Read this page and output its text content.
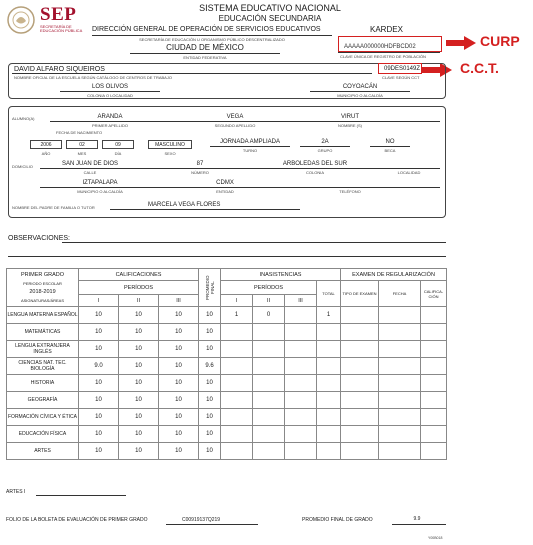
SEP
SECRETARÍA DE EDUCACIÓN PÚBLICA
SISTEMA EDUCATIVO NACIONAL
EDUCACIÓN SECUNDARIA
DIRECCIÓN GENERAL DE OPERACIÓN DE SERVICIOS EDUCATIVOS	KARDEX
SECRETARÍA DE EDUCACIÓN U ORGANISMO PÚBLICO DESCENTRALIZADO
CIUDAD DE MÉXICO
ENTIDAD FEDERATIVA
AAAAA000000HDFBCD02
CLAVE ÚNICA DE REGISTRO DE POBLACIÓN
CURP
C.C.T.
DAVID ALFARO SIQUEIROS
NOMBRE OFICIAL DE LA ESCUELA SEGÚN CATÁLOGO DE CENTROS DE TRABAJO
09DES0149Z
CLAVE SEGÚN CCT
LOS OLIVOS
COLONIA O LOCALIDAD
COYOACÁN
MUNICIPIO O ALCALDÍA
ALUMNO(A)	ARANDA
PRIMER APELLIDO
VEGA
SEGUNDO APELLIDO
VIRUT
NOMBRE (S)
FECHA DE NACIMIENTO
2006	02	09
AÑO	MES	DÍA
MASCULINO
SEXO
JORNADA AMPLIADA
TURNO
2A
GRUPO
NO
BECA
DOMICILIO	SAN JUAN DE DIOS
CALLE
87
NÚMERO
ARBOLEDAS DEL SUR
COLONIA	LOCALIDAD
IZTAPALAPA
MUNICIPIO O ALCALDÍA
CDMX
ENTIDAD	TELÉFONO
NOMBRE DEL PADRE DE FAMILIA O TUTOR	MARCELA VEGA FLORES
OBSERVACIONES:
PRIMER GRADO	CALIFICACIONES			PROMEDIO FINAL	INASISTENCIAS				EXAMEN DE REGULARIZACIÓN		

PERIODO ESCOLAR
2018-2019	PERÍODOS				PERÍODOS			TOTAL	TIPO DE EXAMEN	FECHA	CALIFICA-CIÓN
ASIGNATURAS/ÁREAS	I	II	III		I	II	III				
LENGUA MATERNA ESPAÑOL	10	10	10	10	1	0		1			
MATEMÁTICAS	10	10	10	10							
LENGUA EXTRANJERA INGLÉS	10	10	10	10							
CIENCIAS NAT. TEC. BIOLOGÍA	9.0	10	10	9.6							
HISTORIA	10	10	10	10							
GEOGRAFÍA	10	10	10	10							
FORMACIÓN CÍVICA Y ÉTICA	10	10	10	10							
EDUCACIÓN FÍSICA	10	10	10	10							
ARTES	10	10	10	10							
ARTES I
FOLIO DE LA BOLETA DE EVALUACIÓN DE PRIMER GRADO	C00919137Q219	PROMEDIO FINAL DE GRADO	9.9
Y00B018
